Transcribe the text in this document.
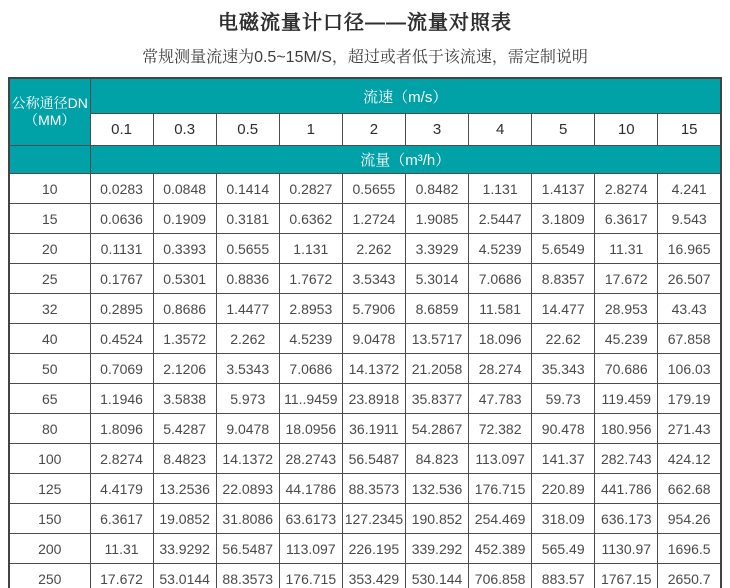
电磁流量计口径——流量对照表

常规测量流速为0.5~15M/S，超过或者低于该流速，需定制说明

公称通径DN
（MM）	流速（m/s）									
	0.1	0.3	0.5	1	2	3	4	5	10	15
	流量（m³/h）									
10	0.0283	0.0848	0.1414	0.2827	0.5655	0.8482	1.131	1.4137	2.8274	4.241
15	0.0636	0.1909	0.3181	0.6362	1.2724	1.9085	2.5447	3.1809	6.3617	9.543
20	0.1131	0.3393	0.5655	1.131	2.262	3.3929	4.5239	5.6549	11.31	16.965
25	0.1767	0.5301	0.8836	1.7672	3.5343	5.3014	7.0686	8.8357	17.672	26.507
32	0.2895	0.8686	1.4477	2.8953	5.7906	8.6859	11.581	14.477	28.953	43.43
40	0.4524	1.3572	2.262	4.5239	9.0478	13.5717	18.096	22.62	45.239	67.858
50	0.7069	2.1206	3.5343	7.0686	14.1372	21.2058	28.274	35.343	70.686	106.03
65	1.1946	3.5838	5.973	11..9459	23.8918	35.8377	47.783	59.73	119.459	179.19
80	1.8096	5.4287	9.0478	18.0956	36.1911	54.2867	72.382	90.478	180.956	271.43
100	2.8274	8.4823	14.1372	28.2743	56.5487	84.823	113.097	141.37	282.743	424.12
125	4.4179	13.2536	22.0893	44.1786	88.3573	132.536	176.715	220.89	441.786	662.68
150	6.3617	19.0852	31.8086	63.6173	127.2345	190.852	254.469	318.09	636.173	954.26
200	11.31	33.9292	56.5487	113.097	226.195	339.292	452.389	565.49	1130.97	1696.5
250	17.672	53.0144	88.3573	176.715	353.429	530.144	706.858	883.57	1767.15	2650.7
